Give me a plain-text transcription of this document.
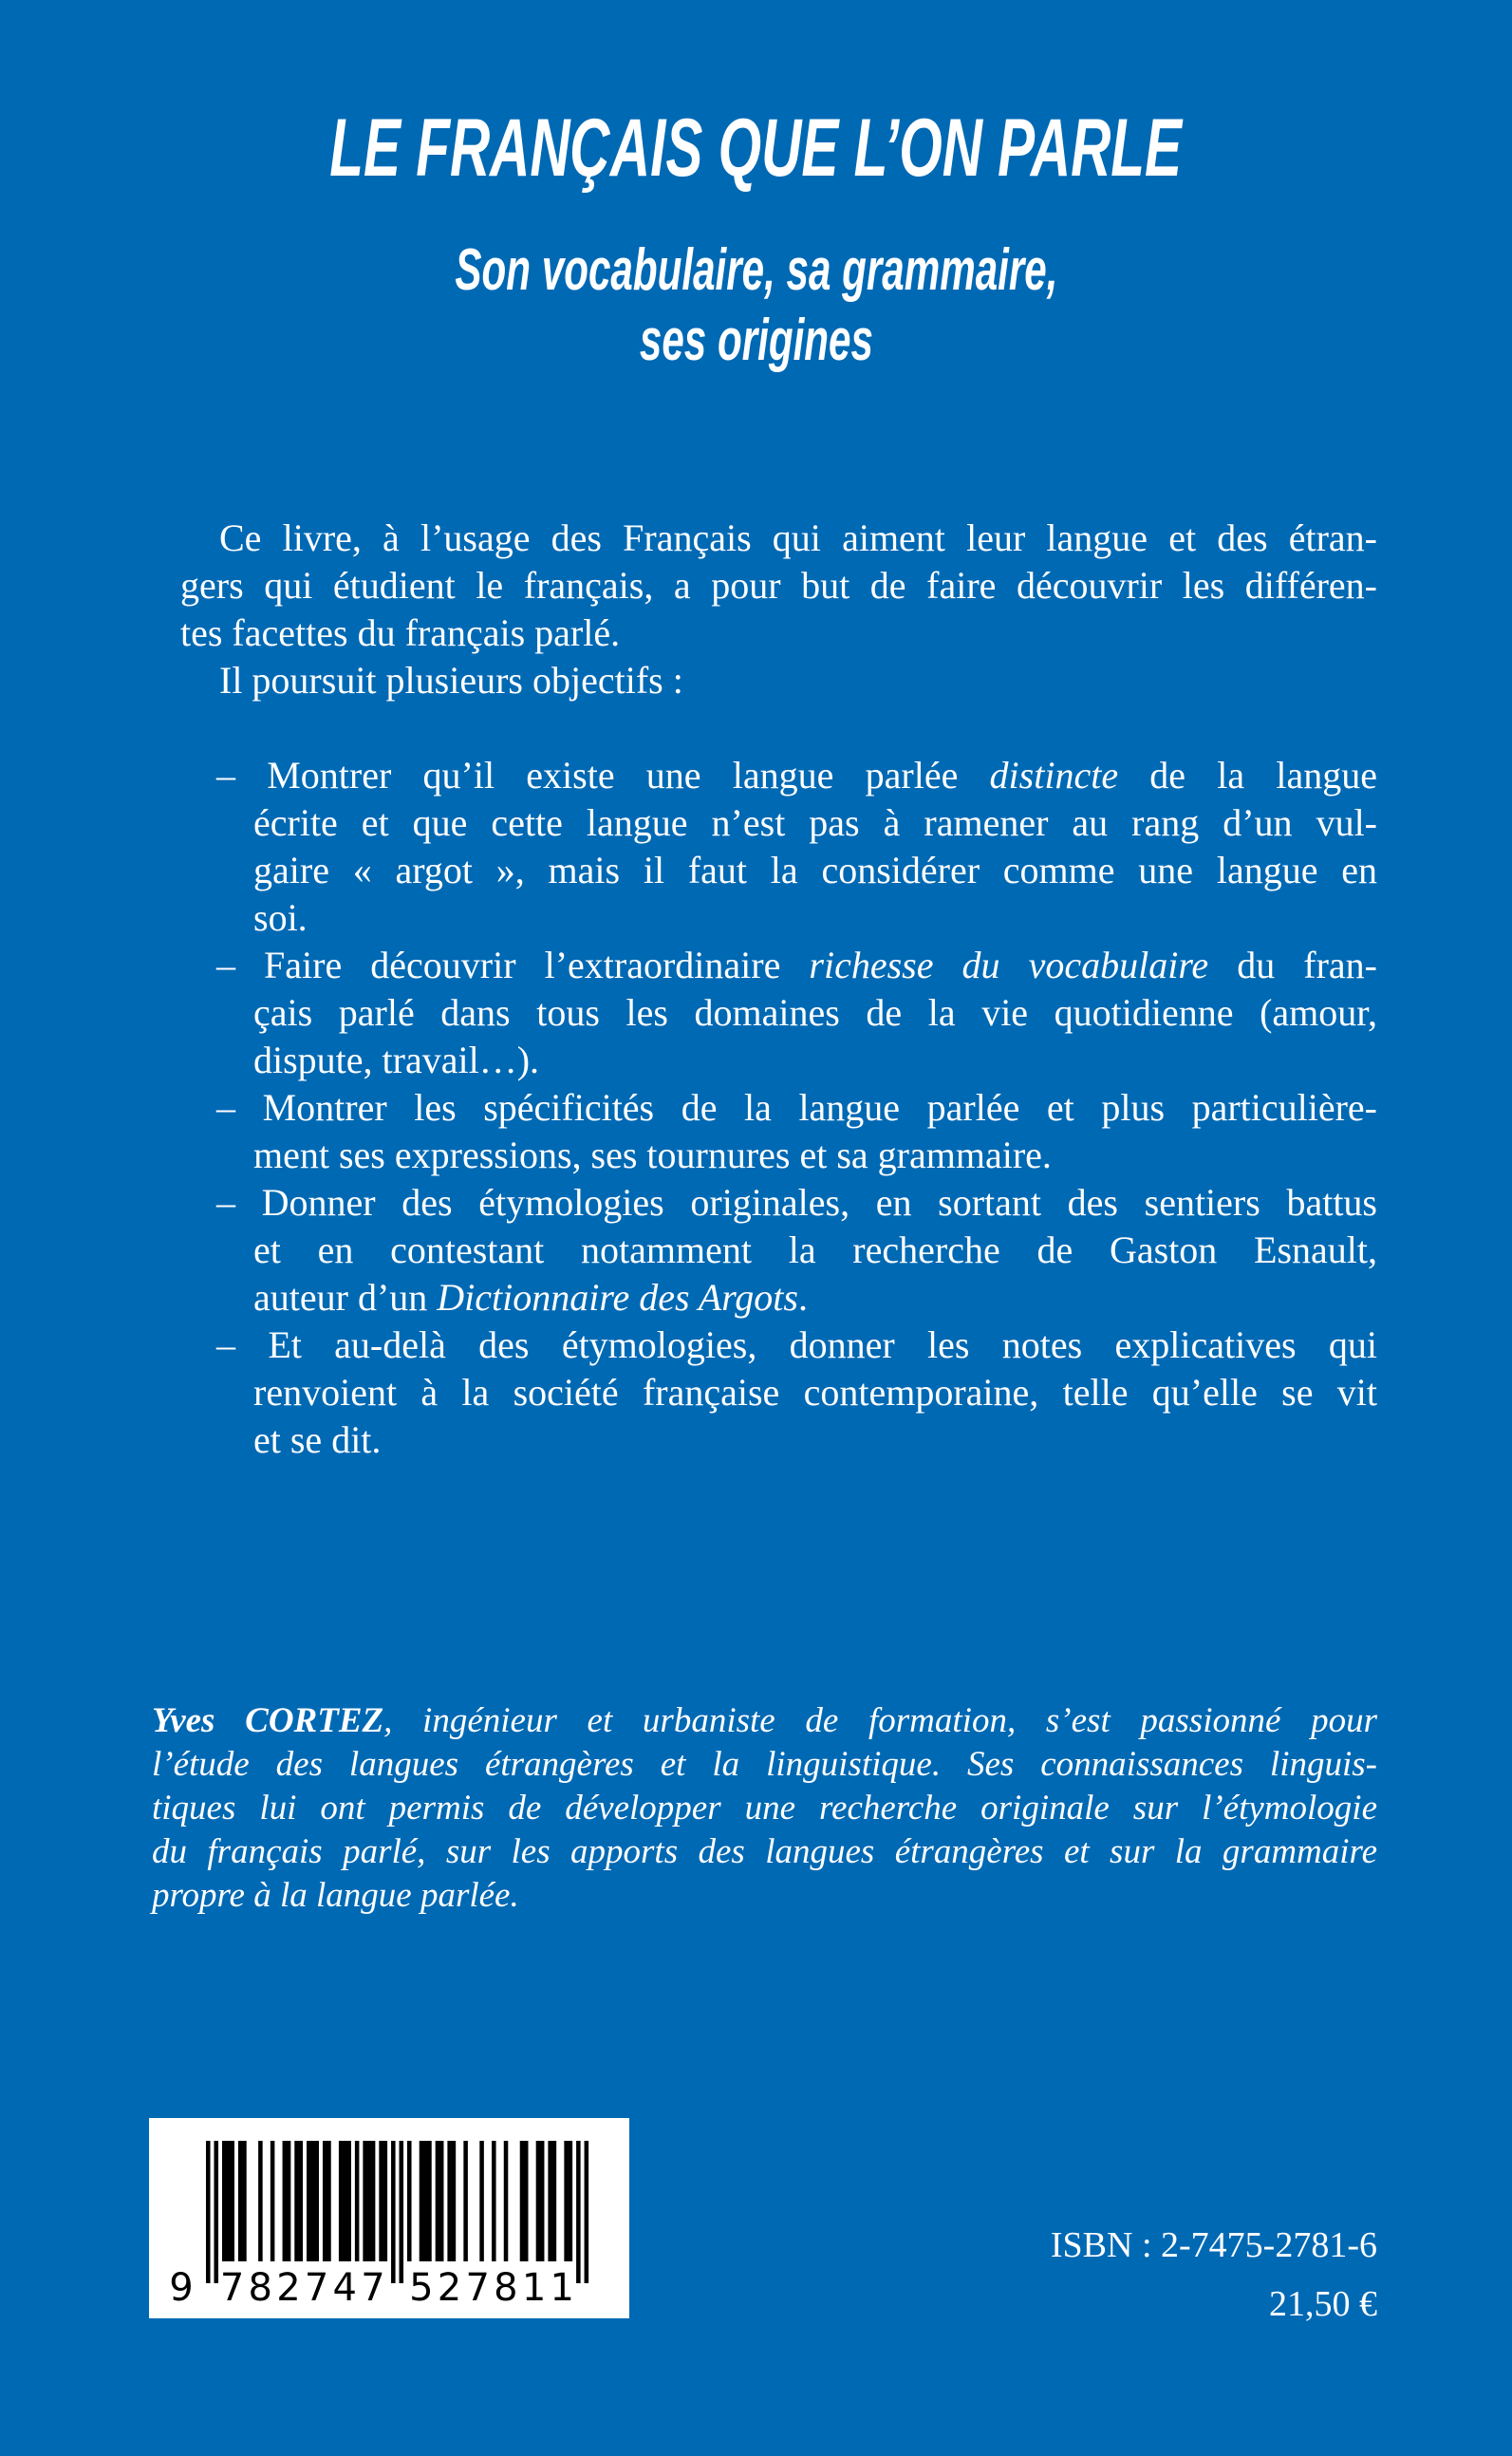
LE FRANÇAIS QUE L’ON PARLE
Son vocabulaire, sa grammaire,
ses origines
Ce livre, à l’usage des Français qui aiment leur langue et des étran-
gers qui étudient le français, a pour but de faire découvrir les différen-
tes facettes du français parlé.
Il poursuit plusieurs objectifs :
– Montrer qu’il existe une langue parlée distincte de la langue
écrite et que cette langue n’est pas à ramener au rang d’un vul-
gaire « argot », mais il faut la considérer comme une langue en
soi.
– Faire découvrir l’extraordinaire richesse du vocabulaire du fran-
çais parlé dans tous les domaines de la vie quotidienne (amour,
dispute, travail…).
– Montrer les spécificités de la langue parlée et plus particulière-
ment ses expressions, ses tournures et sa grammaire.
– Donner des étymologies originales, en sortant des sentiers battus
et en contestant notamment la recherche de Gaston Esnault,
auteur d’un Dictionnaire des Argots.
– Et au-delà des étymologies, donner les notes explicatives qui
renvoient à la société française contemporaine, telle qu’elle se vit
et se dit.
Yves CORTEZ, ingénieur et urbaniste de formation, s’est passionné pour
l’étude des langues étrangères et la linguistique. Ses connaissances linguis-
tiques lui ont permis de développer une recherche originale sur l’étymologie
du français parlé, sur les apports des langues étrangères et sur la grammaire
propre à la langue parlée.
9 7 8 2 7 4 7 5 2 7 8 1 1
ISBN : 2-7475-2781-6
21,50 €
